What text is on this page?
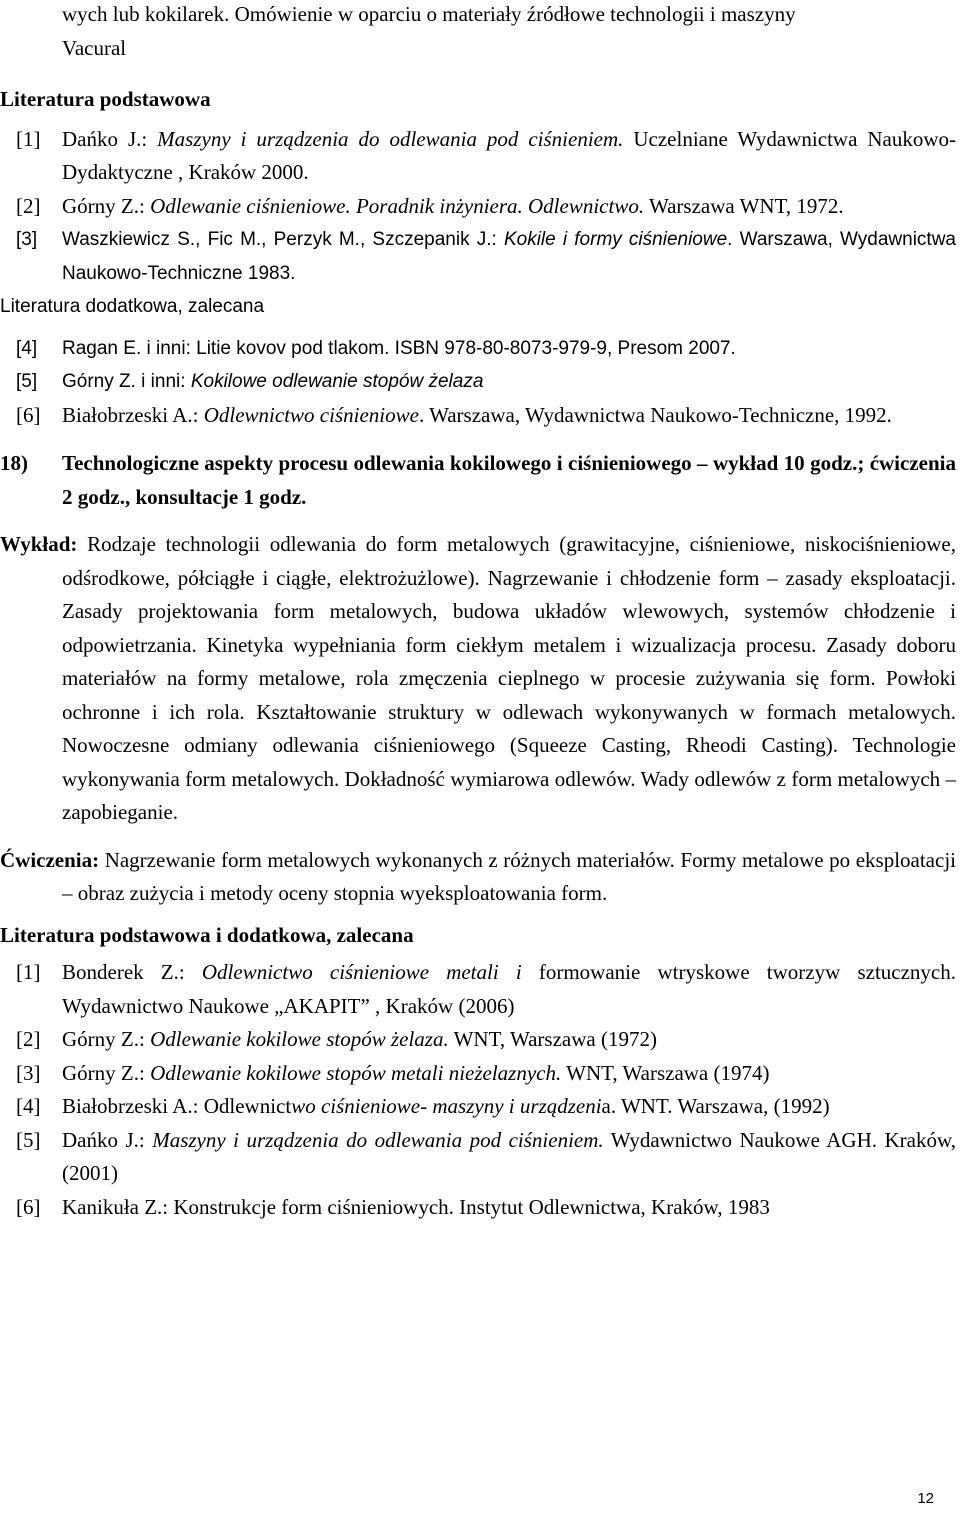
wych lub kokilarek. Omówienie w oparciu o materiały źródłowe technologii i maszyny

Vacural

Literatura podstawowa

[1]	Dańko J.: Maszyny i urządzenia do odlewania pod ciśnieniem. Uczelniane Wydawnictwa Naukowo-Dydaktyczne , Kraków 2000.
[2]	Górny Z.: Odlewanie ciśnieniowe. Poradnik inżyniera. Odlewnictwo. Warszawa WNT, 1972.
[3]	Waszkiewicz S., Fic M., Perzyk M., Szczepanik J.: Kokile i formy ciśnieniowe. Warszawa, Wydawnictwa Naukowo-Techniczne 1983.

Literatura dodatkowa, zalecana

[4]	Ragan E. i inni: Litie kovov pod tlakom. ISBN 978-80-8073-979-9, Presom 2007.
[5]	Górny Z. i inni: Kokilowe odlewanie stopów żelaza
[6]	Białobrzeski A.: Odlewnictwo ciśnieniowe. Warszawa, Wydawnictwa Naukowo-Techniczne, 1992.
18)	Technologiczne aspekty procesu odlewania kokilowego i ciśnieniowego – wykład 10 godz.; ćwiczenia 2 godz., konsultacje 1 godz.

Wykład: Rodzaje technologii odlewania do form metalowych (grawitacyjne, ciśnieniowe, niskociśnieniowe, odśrodkowe, półciągłe i ciągłe, elektrożużlowe). Nagrzewanie i chłodzenie form – zasady eksploatacji. Zasady projektowania form metalowych, budowa układów wlewowych, systemów chłodzenie i odpowietrzania. Kinetyka wypełniania form ciekłym metalem i wizualizacja procesu. Zasady doboru materiałów na formy metalowe, rola zmęczenia cieplnego w procesie zużywania się form. Powłoki ochronne i ich rola. Kształtowanie struktury w odlewach wykonywanych w formach metalowych. Nowoczesne odmiany odlewania ciśnieniowego (Squeeze Casting, Rheodi Casting). Technologie wykonywania form metalowych. Dokładność wymiarowa odlewów. Wady odlewów z form metalowych – zapobieganie.

Ćwiczenia: Nagrzewanie form metalowych wykonanych z różnych materiałów. Formy metalowe po eksploatacji – obraz zużycia i metody oceny stopnia wyeksploatowania form.

Literatura podstawowa i dodatkowa, zalecana

[1]	Bonderek Z.: Odlewnictwo ciśnieniowe metali i formowanie wtryskowe tworzyw sztucznych. Wydawnictwo Naukowe „AKAPIT” , Kraków (2006)
[2]	Górny Z.: Odlewanie kokilowe stopów żelaza. WNT, Warszawa (1972)
[3]	Górny Z.: Odlewanie kokilowe stopów metali nieżelaznych. WNT, Warszawa (1974)
[4]	Białobrzeski A.: Odlewnictwo ciśnieniowe- maszyny i urządzenia. WNT. Warszawa, (1992)
[5]	Dańko J.: Maszyny i urządzenia do odlewania pod ciśnieniem. Wydawnictwo Naukowe AGH. Kraków, (2001)
[6]	Kanikuła Z.: Konstrukcje form ciśnieniowych. Instytut Odlewnictwa, Kraków, 1983
12
